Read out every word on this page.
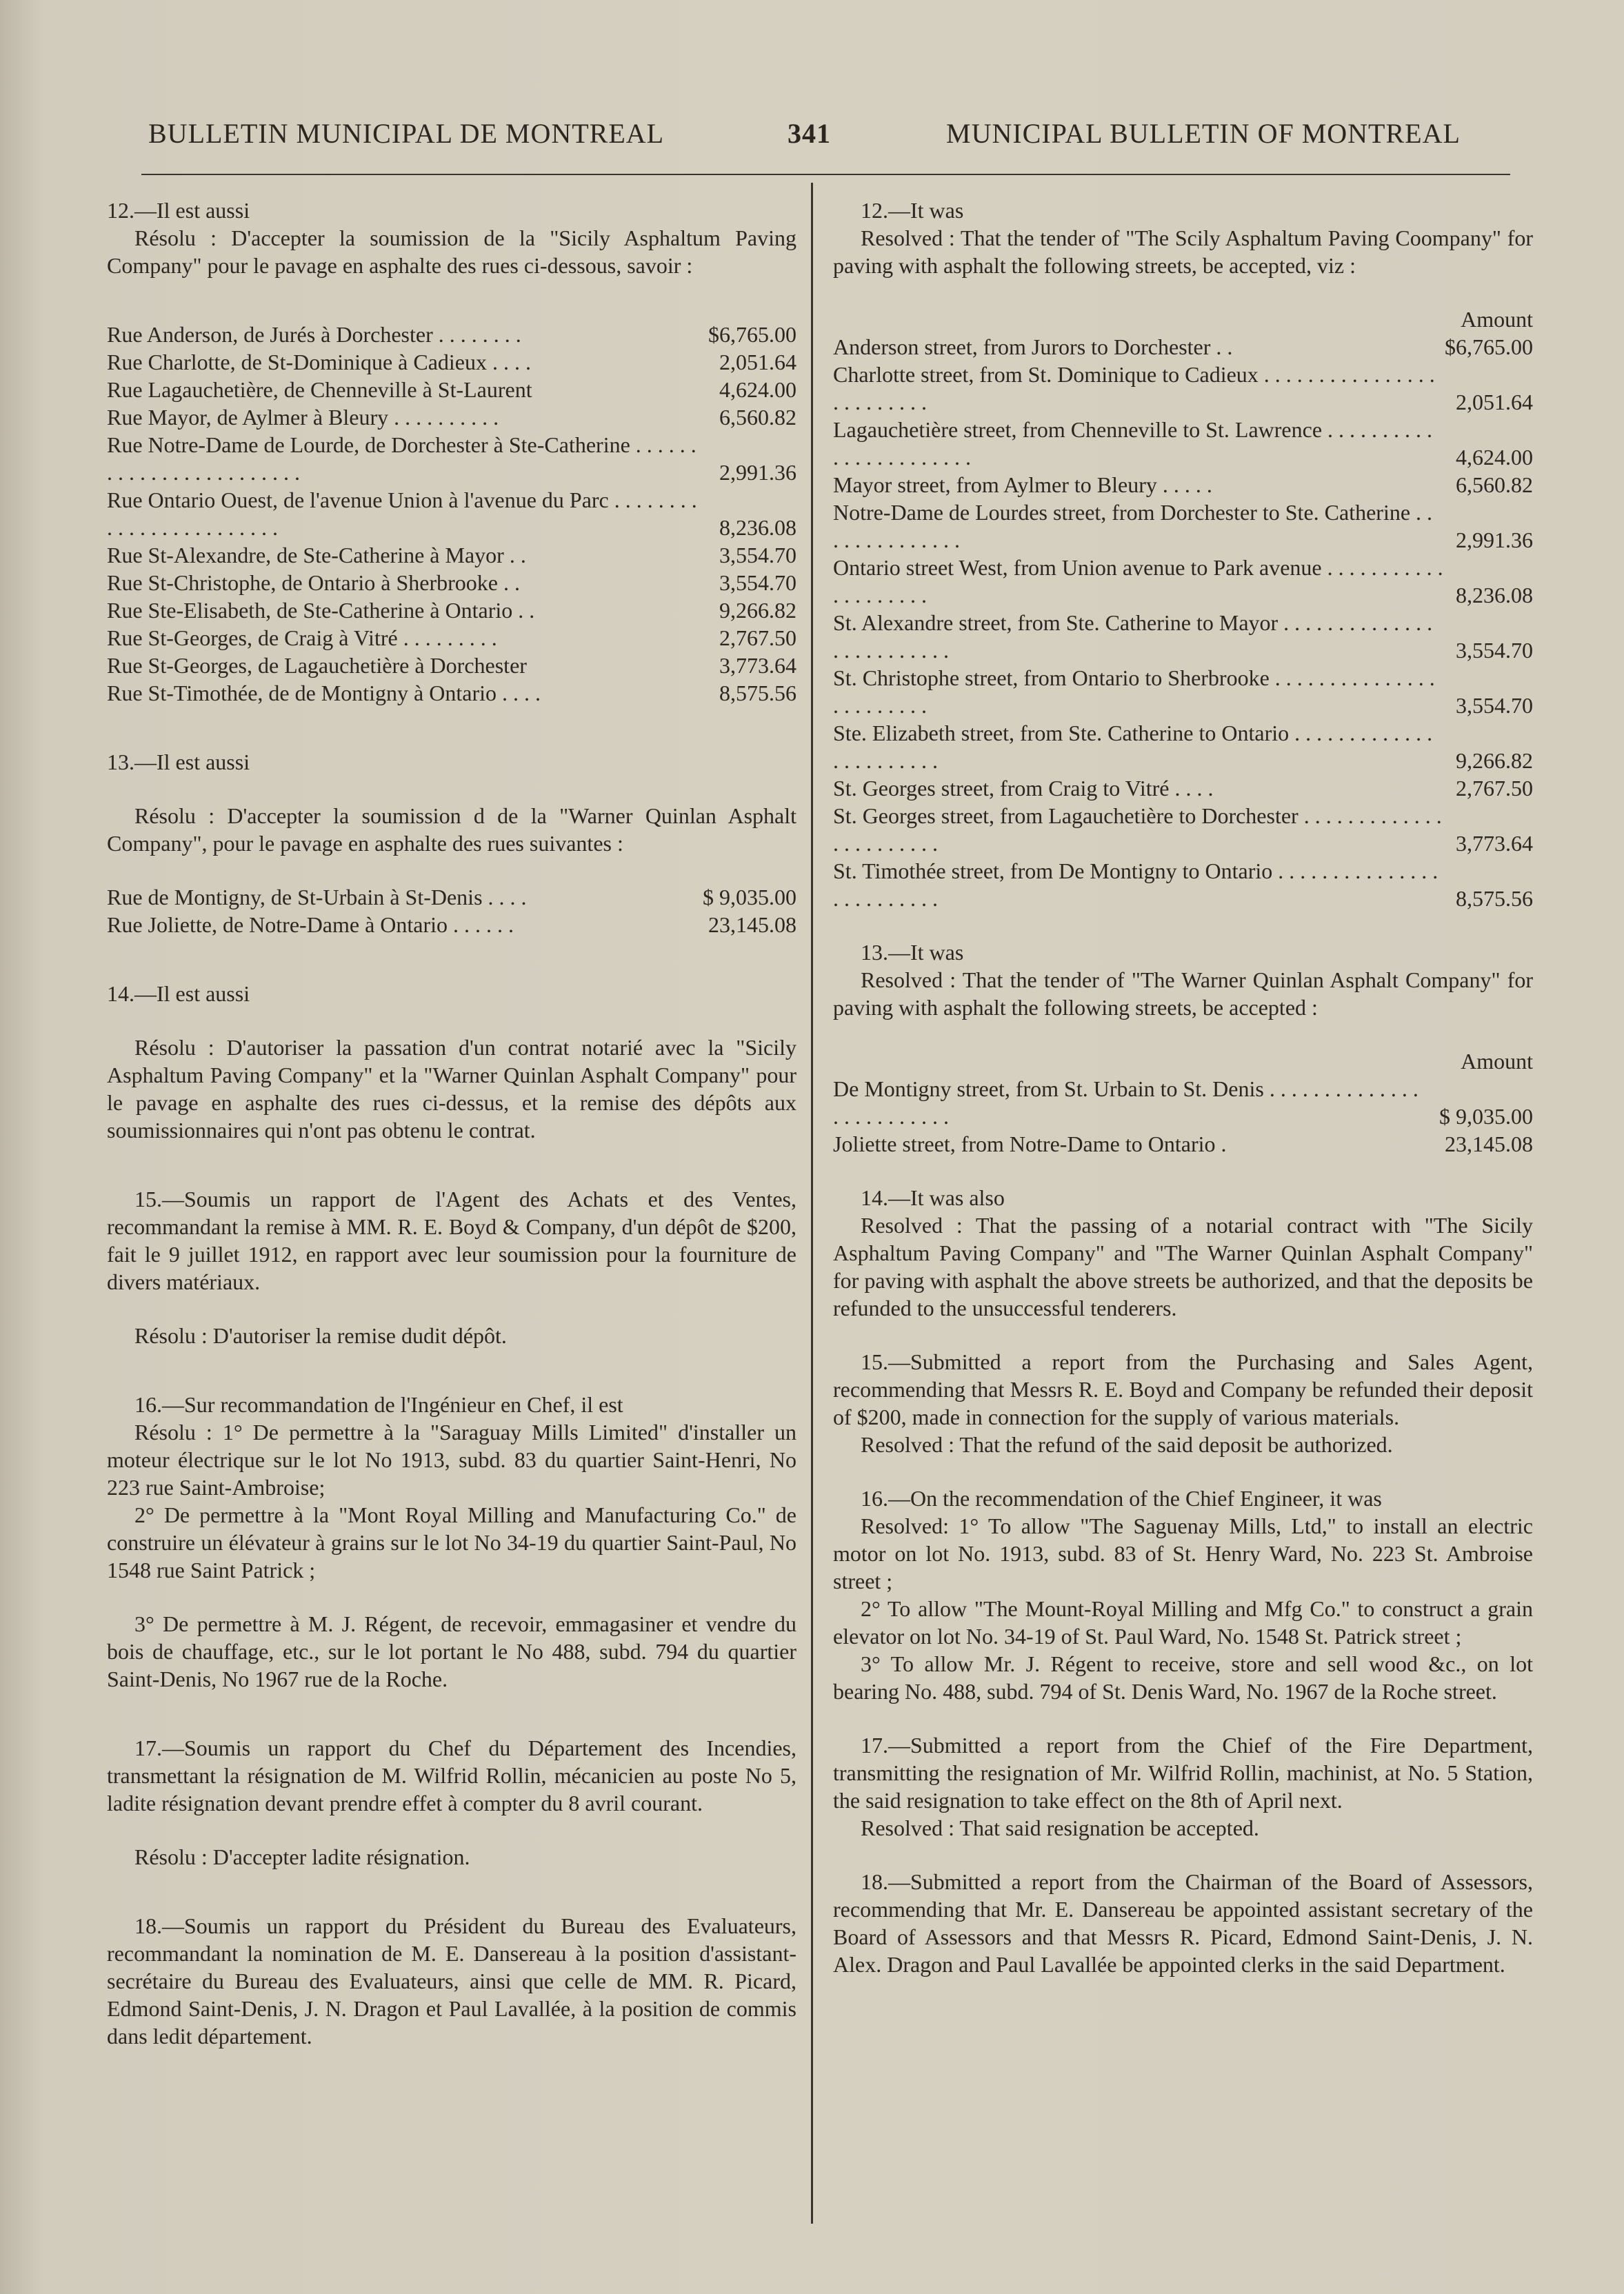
BULLETIN MUNICIPAL DE MONTREAL	341	MUNICIPAL BULLETIN OF MONTREAL

12.—Il est aussi

Résolu : D'accepter la soumission de la "Sicily Asphaltum Paving Company" pour le pavage en asphalte des rues ci-dessous, savoir :

Rue Anderson, de Jurés à Dorchester . . . . . . . .	$6,765.00
Rue Charlotte, de St-Dominique à Cadieux . . . .	2,051.64
Rue Lagauchetière, de Chenneville à St-Laurent	4,624.00
Rue Mayor, de Aylmer à Bleury . . . . . . . . . .	6,560.82
Rue Notre-Dame de Lourde, de Dorchester à Ste-Catherine . . . . . . . . . . . . . . . . . . . . . . . .	2,991.36
Rue Ontario Ouest, de l'avenue Union à l'avenue du Parc . . . . . . . . . . . . . . . . . . . . . . . .	8,236.08
Rue St-Alexandre, de Ste-Catherine à Mayor . .	3,554.70
Rue St-Christophe, de Ontario à Sherbrooke . .	3,554.70
Rue Ste-Elisabeth, de Ste-Catherine à Ontario . .	9,266.82
Rue St-Georges, de Craig à Vitré . . . . . . . . .	2,767.50
Rue St-Georges, de Lagauchetière à Dorchester	3,773.64
Rue St-Timothée, de de Montigny à Ontario . . . .	8,575.56

13.—Il est aussi

Résolu : D'accepter la soumission d de la "Warner Quinlan Asphalt Company", pour le pavage en asphalte des rues suivantes :

Rue de Montigny, de St-Urbain à St-Denis . . . .	$ 9,035.00
Rue Joliette, de Notre-Dame à Ontario . . . . . .	23,145.08

14.—Il est aussi

Résolu : D'autoriser la passation d'un contrat notarié avec la "Sicily Asphaltum Paving Company" et la "Warner Quinlan Asphalt Company" pour le pavage en asphalte des rues ci-dessus, et la remise des dépôts aux soumissionnaires qui n'ont pas obtenu le contrat.

15.—Soumis un rapport de l'Agent des Achats et des Ventes, recommandant la remise à MM. R. E. Boyd & Company, d'un dépôt de $200, fait le 9 juillet 1912, en rapport avec leur soumission pour la fourniture de divers matériaux.

Résolu : D'autoriser la remise dudit dépôt.

16.—Sur recommandation de l'Ingénieur en Chef, il est

Résolu : 1° De permettre à la "Saraguay Mills Limited" d'installer un moteur électrique sur le lot No 1913, subd. 83 du quartier Saint-Henri, No 223 rue Saint-Ambroise;

2° De permettre à la "Mont Royal Milling and Manufacturing Co." de construire un élévateur à grains sur le lot No 34-19 du quartier Saint-Paul, No 1548 rue Saint Patrick ;

3° De permettre à M. J. Régent, de recevoir, emmagasiner et vendre du bois de chauffage, etc., sur le lot portant le No 488, subd. 794 du quartier Saint-Denis, No 1967 rue de la Roche.

17.—Soumis un rapport du Chef du Département des Incendies, transmettant la résignation de M. Wilfrid Rollin, mécanicien au poste No 5, ladite résignation devant prendre effet à compter du 8 avril courant.

Résolu : D'accepter ladite résignation.

18.—Soumis un rapport du Président du Bureau des Evaluateurs, recommandant la nomination de M. E. Dansereau à la position d'assistant-secrétaire du Bureau des Evaluateurs, ainsi que celle de MM. R. Picard, Edmond Saint-Denis, J. N. Dragon et Paul Lavallée, à la position de commis dans ledit département.

12.—It was

Resolved : That the tender of "The Scily Asphaltum Paving Coompany" for paving with asphalt the following streets, be accepted, viz :

Amount

Anderson street, from Jurors to Dorchester . .	$6,765.00
Charlotte street, from St. Dominique to Cadieux . . . . . . . . . . . . . . . . . . . . . . . . .	2,051.64
Lagauchetière street, from Chenneville to St. Lawrence . . . . . . . . . . . . . . . . . . . . . . .	4,624.00
Mayor street, from Aylmer to Bleury . . . . .	6,560.82
Notre-Dame de Lourdes street, from Dorchester to Ste. Catherine . . . . . . . . . . . . . .	2,991.36
Ontario street West, from Union avenue to Park avenue . . . . . . . . . . . . . . . . . . . .	8,236.08
St. Alexandre street, from Ste. Catherine to Mayor . . . . . . . . . . . . . . . . . . . . . . . . .	3,554.70
St. Christophe street, from Ontario to Sherbrooke . . . . . . . . . . . . . . . . . . . . . . . .	3,554.70
Ste. Elizabeth street, from Ste. Catherine to Ontario . . . . . . . . . . . . . . . . . . . . . . .	9,266.82
St. Georges street, from Craig to Vitré . . . .	2,767.50
St. Georges street, from Lagauchetière to Dorchester . . . . . . . . . . . . . . . . . . . . . . .	3,773.64
St. Timothée street, from De Montigny to Ontario . . . . . . . . . . . . . . . . . . . . . . . . .	8,575.56

13.—It was

Resolved : That the tender of "The Warner Quinlan Asphalt Company" for paving with asphalt the following streets, be accepted :

Amount

De Montigny street, from St. Urbain to St. Denis . . . . . . . . . . . . . . . . . . . . . . . . .	$ 9,035.00
Joliette street, from Notre-Dame to Ontario .	23,145.08

14.—It was also

Resolved : That the passing of a notarial contract with "The Sicily Asphaltum Paving Company" and "The Warner Quinlan Asphalt Company" for paving with asphalt the above streets be authorized, and that the deposits be refunded to the unsuccessful tenderers.

15.—Submitted a report from the Purchasing and Sales Agent, recommending that Messrs R. E. Boyd and Company be refunded their deposit of $200, made in connection for the supply of various materials.

Resolved : That the refund of the said deposit be authorized.

16.—On the recommendation of the Chief Engineer, it was

Resolved: 1° To allow "The Saguenay Mills, Ltd," to install an electric motor on lot No. 1913, subd. 83 of St. Henry Ward, No. 223 St. Ambroise street ;

2° To allow "The Mount-Royal Milling and Mfg Co." to construct a grain elevator on lot No. 34-19 of St. Paul Ward, No. 1548 St. Patrick street ;

3° To allow Mr. J. Régent to receive, store and sell wood &c., on lot bearing No. 488, subd. 794 of St. Denis Ward, No. 1967 de la Roche street.

17.—Submitted a report from the Chief of the Fire Department, transmitting the resignation of Mr. Wilfrid Rollin, machinist, at No. 5 Station, the said resignation to take effect on the 8th of April next.

Resolved : That said resignation be accepted.

18.—Submitted a report from the Chairman of the Board of Assessors, recommending that Mr. E. Dansereau be appointed assistant secretary of the Board of Assessors and that Messrs R. Picard, Edmond Saint-Denis, J. N. Alex. Dragon and Paul Lavallée be appointed clerks in the said Department.
